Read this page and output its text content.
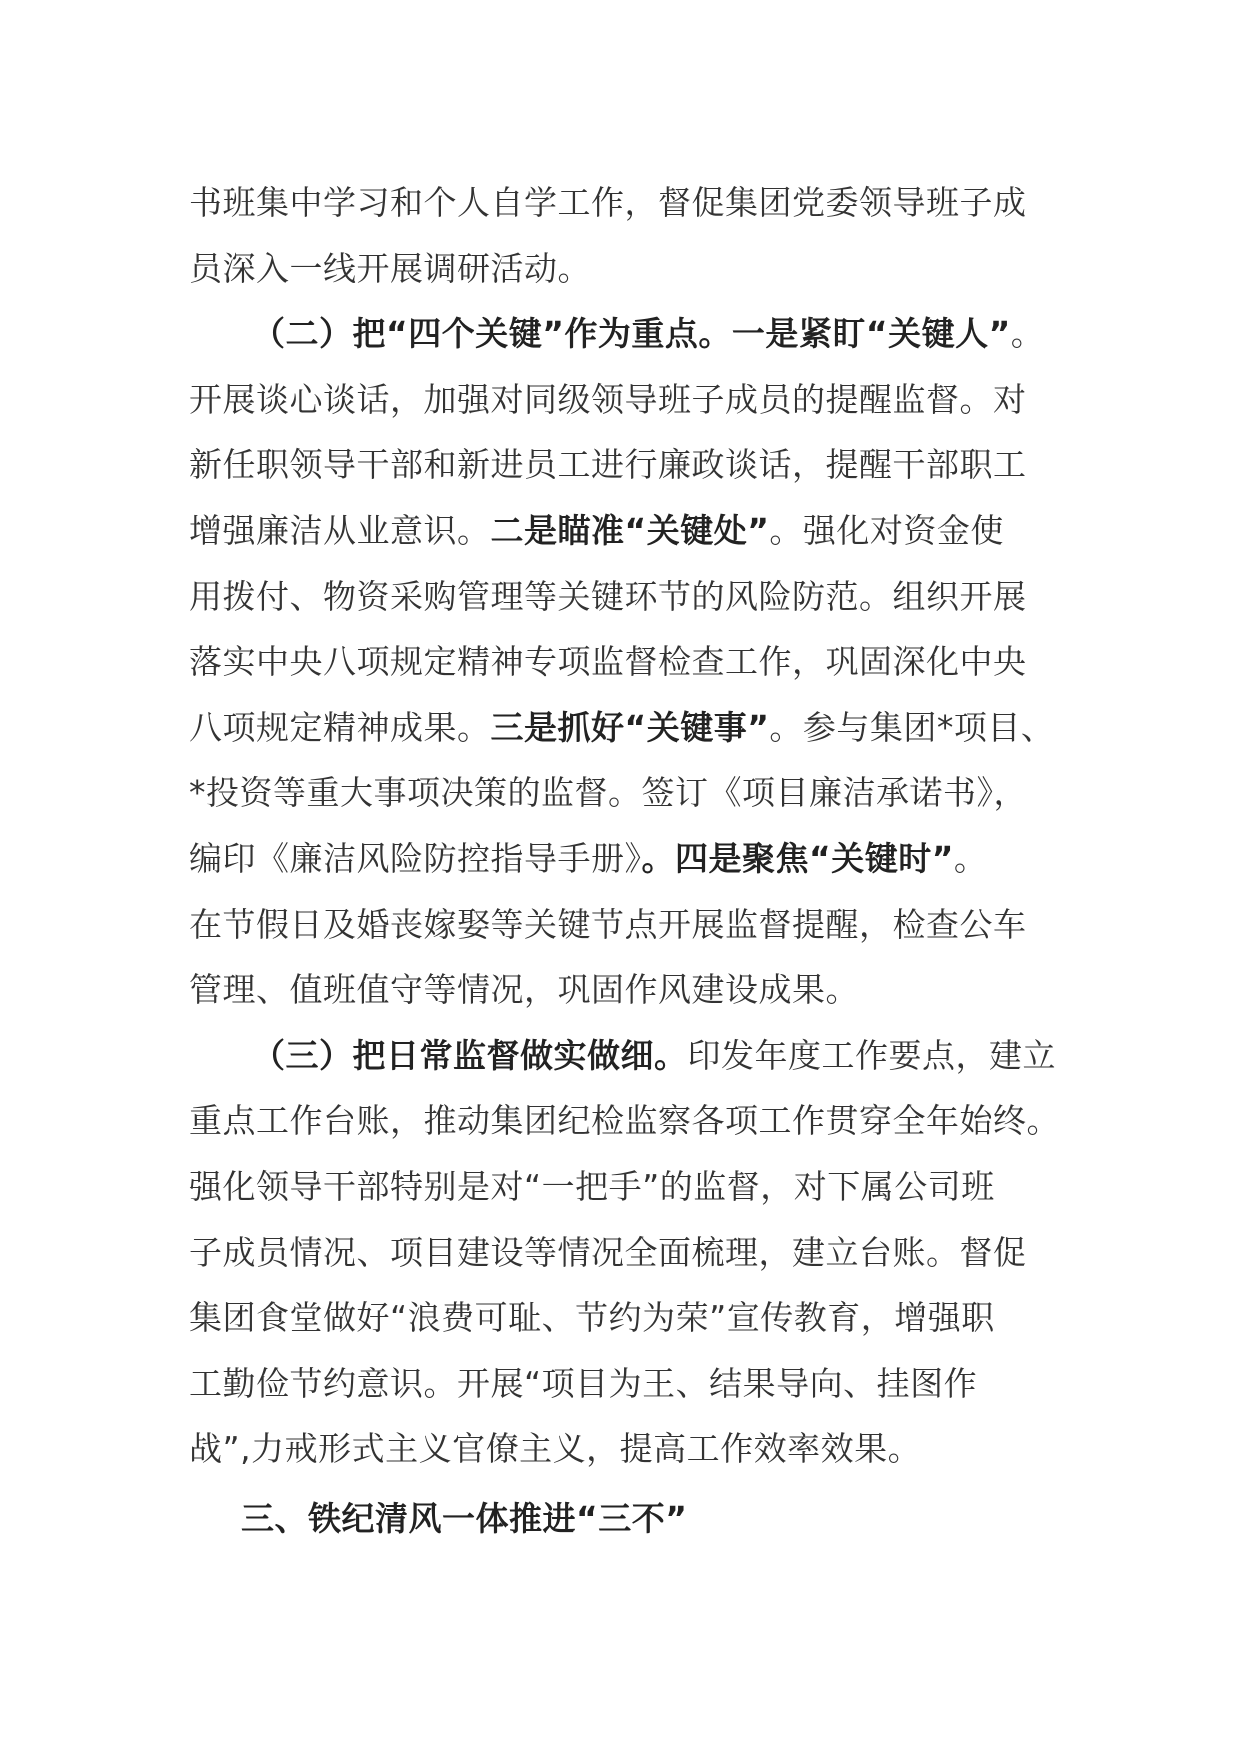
书班集中学习和个人自学工作，督促集团党委领导班子成
员深入一线开展调研活动。
（二）把“四个关键”作为重点。一是紧盯“关键人”。
开展谈心谈话，加强对同级领导班子成员的提醒监督。对
新任职领导干部和新进员工进行廉政谈话，提醒干部职工
增强廉洁从业意识。二是瞄准“关键处”。强化对资金使
用拨付、物资采购管理等关键环节的风险防范。组织开展
落实中央八项规定精神专项监督检查工作，巩固深化中央
八项规定精神成果。三是抓好“关键事”。参与集团*项目、
*投资等重大事项决策的监督。签订《项目廉洁承诺书》，
编印《廉洁风险防控指导手册》。四是聚焦“关键时”。
在节假日及婚丧嫁娶等关键节点开展监督提醒，检查公车
管理、值班值守等情况，巩固作风建设成果。
（三）把日常监督做实做细。印发年度工作要点，建立
重点工作台账，推动集团纪检监察各项工作贯穿全年始终。
强化领导干部特别是对“一把手”的监督，对下属公司班
子成员情况、项目建设等情况全面梳理，建立台账。督促
集团食堂做好“浪费可耻、节约为荣”宣传教育，增强职
工勤俭节约意识。开展“项目为王、结果导向、挂图作
战”,力戒形式主义官僚主义，提高工作效率效果。
三、铁纪清风一体推进“三不”
